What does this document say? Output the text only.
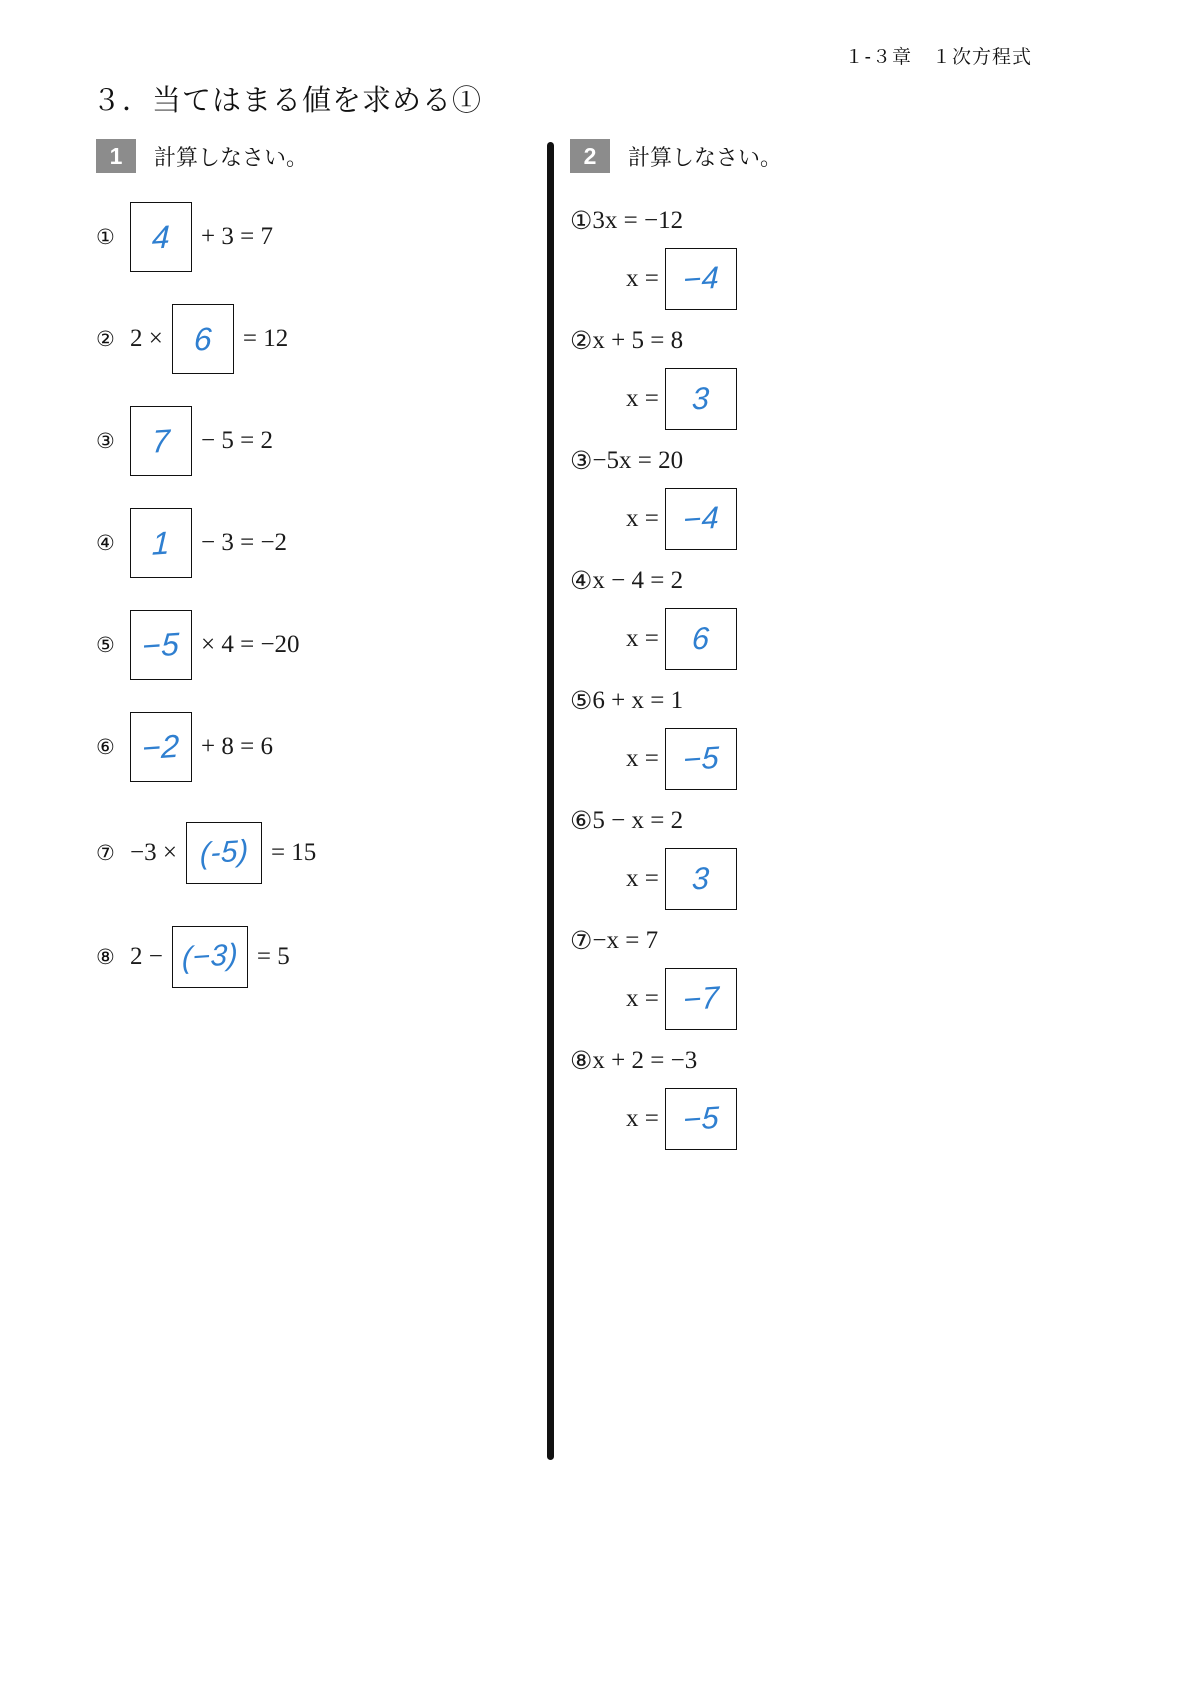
１-３章　１次方程式
３．当てはまる値を求める①
1	計算しなさい。
①	4 + 3 = 7
② 2 × 6 = 12
③	7 − 5 = 2
④	1 − 3 = −2
⑤ −5 × 4 = −20
⑥ −2 + 8 = 6
⑦ −3 × (-5) = 15
⑧ 2 − (−3) = 5
2	計算しなさい。
① 3x = −12
x = −4
② x + 5 = 8
x = 3
③ −5x = 20
x = −4
④ x − 4 = 2
x = 6
⑤ 6 + x = 1
x = −5
⑥ 5 − x = 2
x = 3
⑦ −x = 7
x = −7
⑧ x + 2 = −3
x = −5
